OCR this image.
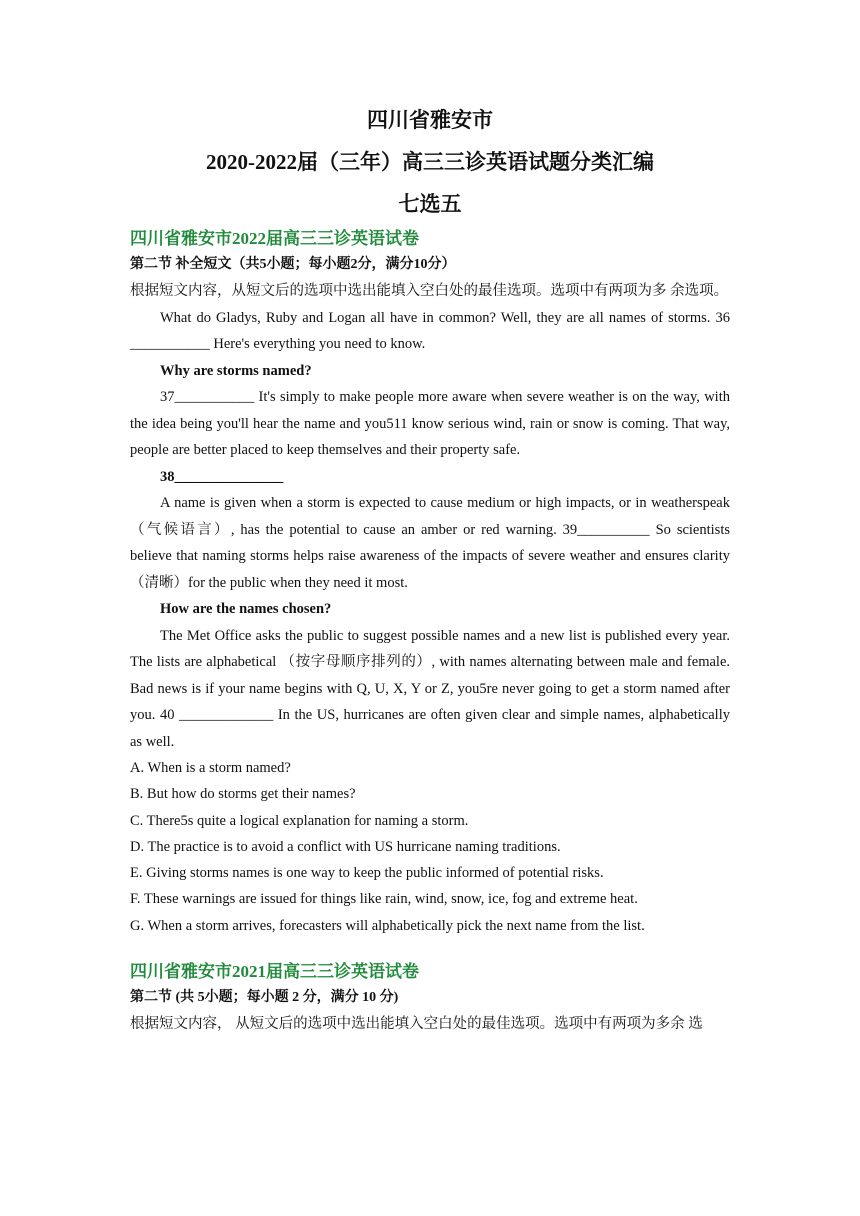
四川省雅安市
2020-2022届（三年）高三三诊英语试题分类汇编
七选五
四川省雅安市2022届高三三诊英语试卷
第二节 补全短文（共5小题；每小题2分，满分10分）

根据短文内容，从短文后的选项中选出能填入空白处的最佳选项。选项中有两项为多 余选项。

What do Gladys, Ruby and Logan all have in common? Well, they are all names of storms. 36 ___________ Here's everything you need to know.

Why are storms named?

37___________ It's simply to make people more aware when severe weather is on the way, with the idea being you'll hear the name and you511 know serious wind, rain or snow is coming. That way, people are better placed to keep themselves and their property safe.

38_______________

A name is given when a storm is expected to cause medium or high impacts, or in weatherspeak（气候语言）, has the potential to cause an amber or red warning. 39__________ So scientists believe that naming storms helps raise awareness of the impacts of severe weather and ensures clarity （清晰）for the public when they need it most.

How are the names chosen?

The Met Office asks the public to suggest possible names and a new list is published every year. The lists are alphabetical （按字母顺序排列的）, with names alternating between male and female. Bad news is if your name begins with Q, U, X, Y or Z, you5re never going to get a storm named after you. 40 _____________ In the US, hurricanes are often given clear and simple names, alphabetically as well.

A. When is a storm named?
B. But how do storms get their names?
C. There5s quite a logical explanation for naming a storm.
D. The practice is to avoid a conflict with US hurricane naming traditions.
E. Giving storms names is one way to keep the public informed of potential risks.
F. These warnings are issued for things like rain, wind, snow, ice, fog and extreme heat.
G. When a storm arrives, forecasters will alphabetically pick the next name from the list.
四川省雅安市2021届高三三诊英语试卷
第二节 (共 5小题；每小题 2 分，满分 10 分)

根据短文内容， 从短文后的选项中选出能填入空白处的最佳选项。选项中有两项为多余 选
